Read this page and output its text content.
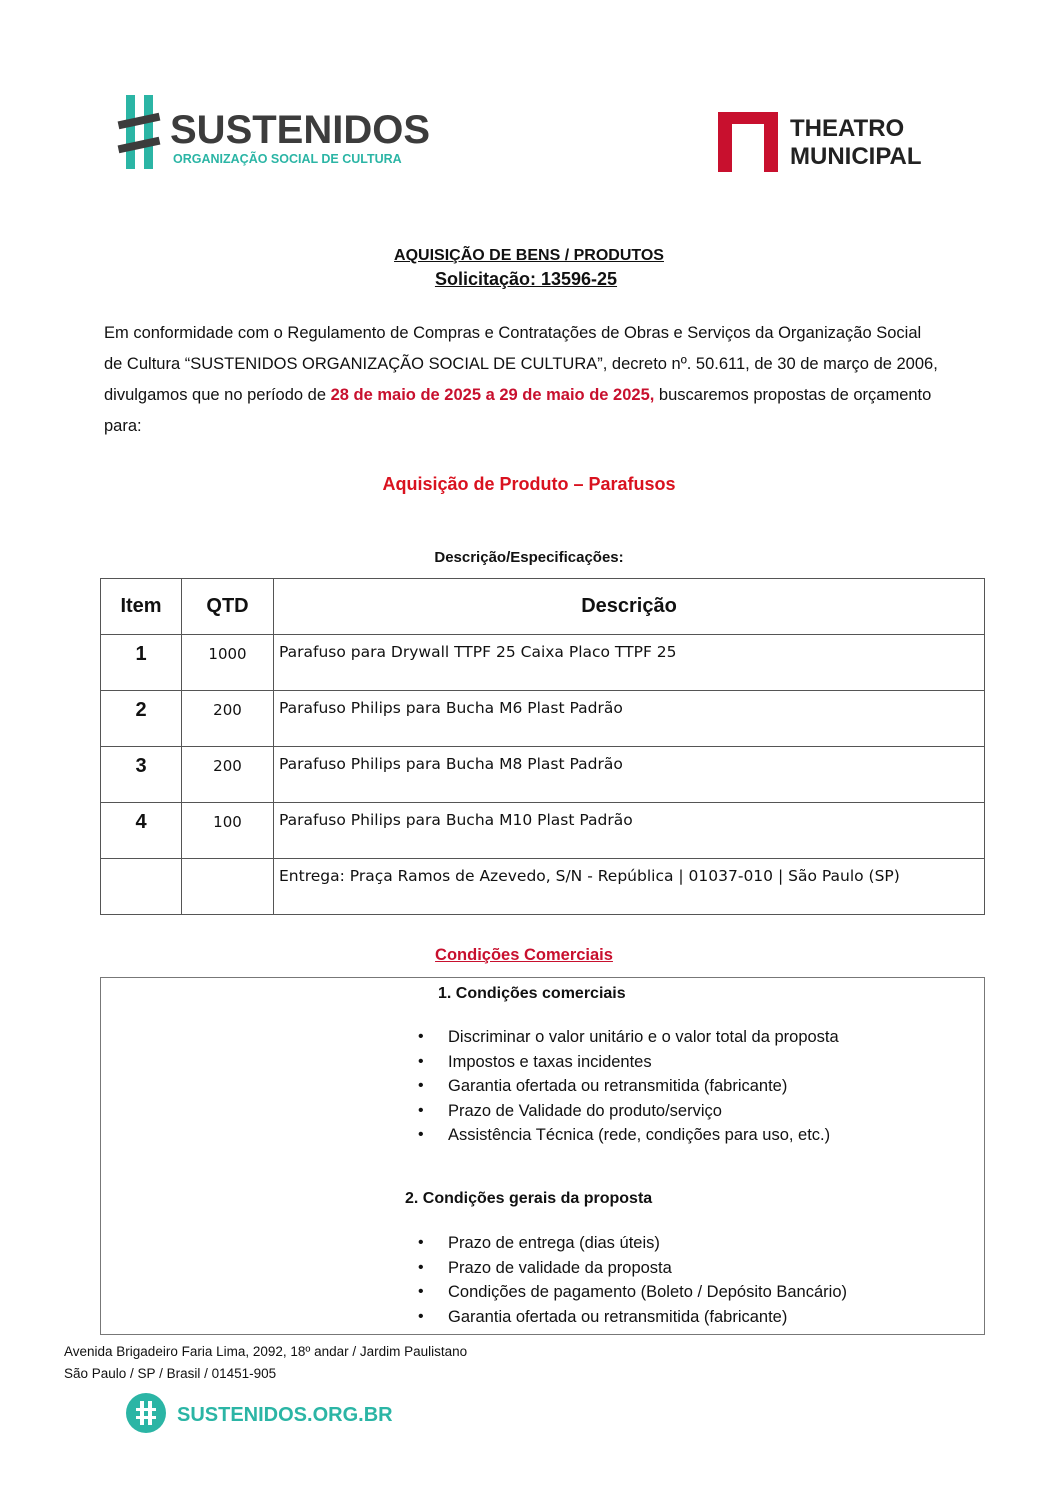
SUSTENIDOS
ORGANIZAÇÃO SOCIAL DE CULTURA
THEATRO
MUNICIPAL
AQUISIÇÃO DE BENS / PRODUTOS
Solicitação: 13596-25
Em conformidade com o Regulamento de Compras e Contratações de Obras e Serviços da Organização Social de Cultura “SUSTENIDOS ORGANIZAÇÃO SOCIAL DE CULTURA”, decreto nº. 50.611, de 30 de março de 2006, divulgamos que no período de 28 de maio de 2025 a 29 de maio de 2025, buscaremos propostas de orçamento para:
Aquisição de Produto – Parafusos
Descrição/Especificações:
Item	QTD	Descrição

1	1000	Parafuso para Drywall TTPF 25 Caixa Placo TTPF 25

2	200	Parafuso Philips para Bucha M6 Plast Padrão

3	200	Parafuso Philips para Bucha M8 Plast Padrão

4	100	Parafuso Philips para Bucha M10 Plast Padrão

		Entrega: Praça Ramos de Azevedo, S/N - República | 01037-010 | São Paulo (SP)
Condições Comerciais
1. Condições comerciais
• Discriminar o valor unitário e o valor total da proposta
• Impostos e taxas incidentes
• Garantia ofertada ou retransmitida (fabricante)
• Prazo de Validade do produto/serviço
• Assistência Técnica (rede, condições para uso, etc.)
2. Condições gerais da proposta
• Prazo de entrega (dias úteis)
• Prazo de validade da proposta
• Condições de pagamento (Boleto / Depósito Bancário)
• Garantia ofertada ou retransmitida (fabricante)
Avenida Brigadeiro Faria Lima, 2092, 18º andar / Jardim Paulistano
São Paulo / SP / Brasil / 01451-905
SUSTENIDOS.ORG.BR
